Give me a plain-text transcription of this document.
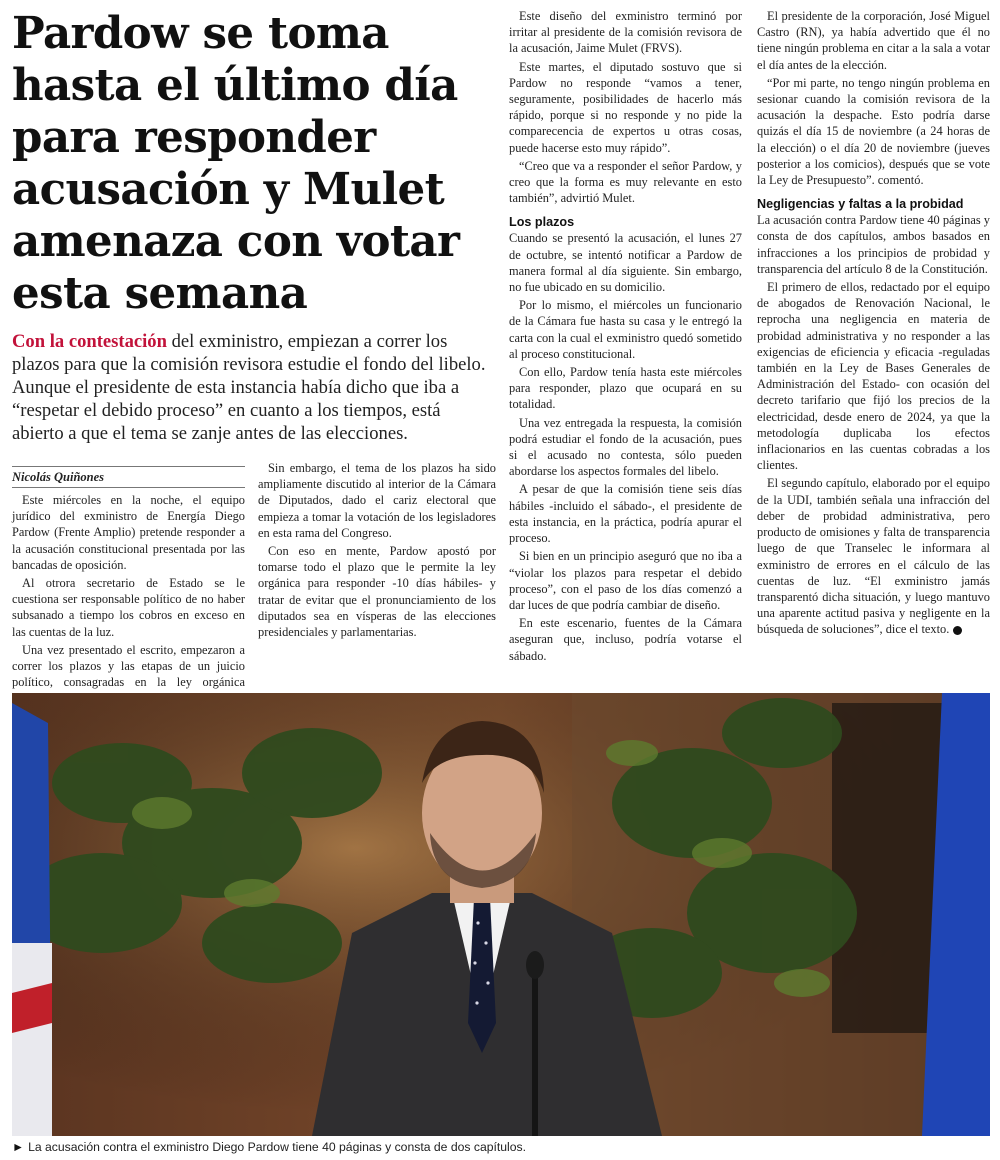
Pardow se toma hasta el último día para responder acusación y Mulet amenaza con votar esta semana

Con la contestación del exministro, empiezan a correr los plazos para que la comisión revisora estudie el fondo del libelo. Aunque el presidente de esta instancia había dicho que iba a “respetar el debido proceso” en cuanto a los tiempos, está abierto a que el tema se zanje antes de las elecciones.

Nicolás Quiñones

Este miércoles en la noche, el equipo jurídico del exministro de Energía Diego Pardow (Frente Amplio) pretende responder a la acusación constitucional presentada por las bancadas de oposición.

Al otrora secretario de Estado se le cuestiona ser responsable político de no haber subsanado a tiempo los cobros en exceso en las cuentas de la luz.

Una vez presentado el escrito, empezaron a correr los plazos y las etapas de un juicio político, consagradas en la ley orgánica

Sin embargo, el tema de los plazos ha sido ampliamente discutido al interior de la Cámara de Diputados, dado el cariz electoral que empieza a tomar la votación de los legisladores en esta rama del Congreso.

Con eso en mente, Pardow apostó por tomarse todo el plazo que le permite la ley orgánica para responder -10 días hábiles- y tratar de evitar que el pronunciamiento de los diputados sea en vísperas de las elecciones presidenciales y parlamentarias.

Este diseño del exministro terminó por irritar al presidente de la comisión revisora de la acusación, Jaime Mulet (FRVS).

Este martes, el diputado sostuvo que si Pardow no responde “vamos a tener, seguramente, posibilidades de hacerlo más rápido, porque si no responde y no pide la comparecencia de expertos u otras cosas, puede hacerse esto muy rápido”.

“Creo que va a responder el señor Pardow, y creo que la forma es muy relevante en esto también”, advirtió Mulet.

Los plazos

Cuando se presentó la acusación, el lunes 27 de octubre, se intentó notificar a Pardow de manera formal al día siguiente. Sin embargo, no fue ubicado en su domicilio.

Por lo mismo, el miércoles un funcionario de la Cámara fue hasta su casa y le entregó la carta con la cual el exministro quedó sometido al proceso constitucional.

Con ello, Pardow tenía hasta este miércoles para responder, plazo que ocupará en su totalidad.

Una vez entregada la respuesta, la comisión podrá estudiar el fondo de la acusación, pues si el acusado no contesta, sólo pueden abordarse los aspectos formales del libelo.

A pesar de que la comisión tiene seis días hábiles -incluido el sábado-, el presidente de esta instancia, en la práctica, podría apurar el proceso.

Si bien en un principio aseguró que no iba a “violar los plazos para respetar el debido proceso”, con el paso de los días comenzó a dar luces de que podría cambiar de diseño.

En este escenario, fuentes de la Cámara aseguran que, incluso, podría votarse el sábado.

El presidente de la corporación, José Miguel Castro (RN), ya había advertido que él no tiene ningún problema en citar a la sala a votar el día antes de la elección.

“Por mi parte, no tengo ningún problema en sesionar cuando la comisión revisora de la acusación la despache. Esto podría darse quizás el día 15 de noviembre (a 24 horas de la elección) o el día 20 de noviembre (jueves posterior a los comicios), después que se vote la Ley de Presupuesto”. comentó.

Negligencias y faltas a la probidad

La acusación contra Pardow tiene 40 páginas y consta de dos capítulos, ambos basados en infracciones a los principios de probidad y transparencia del artículo 8 de la Constitución.

El primero de ellos, redactado por el equipo de abogados de Renovación Nacional, le reprocha una negligencia en materia de probidad administrativa y no responder a las exigencias de eficiencia y eficacia -reguladas también en la Ley de Bases Generales de Administración del Estado- con ocasión del decreto tarifario que fijó los precios de la electricidad, desde enero de 2024, ya que la metodología duplicaba los efectos inflacionarios en las cuentas cobradas a los clientes.

El segundo capítulo, elaborado por el equipo de la UDI, también señala una infracción del deber de probidad administrativa, pero producto de omisiones y falta de transparencia luego de que Transelec le informara al exministro de errores en el cálculo de las cuentas de luz. “El exministro jamás transparentó dicha situación, y luego mantuvo una aparente actitud pasiva y negligente en la búsqueda de soluciones”, dice el texto.

► La acusación contra el exministro Diego Pardow tiene 40 páginas y consta de dos capítulos.
